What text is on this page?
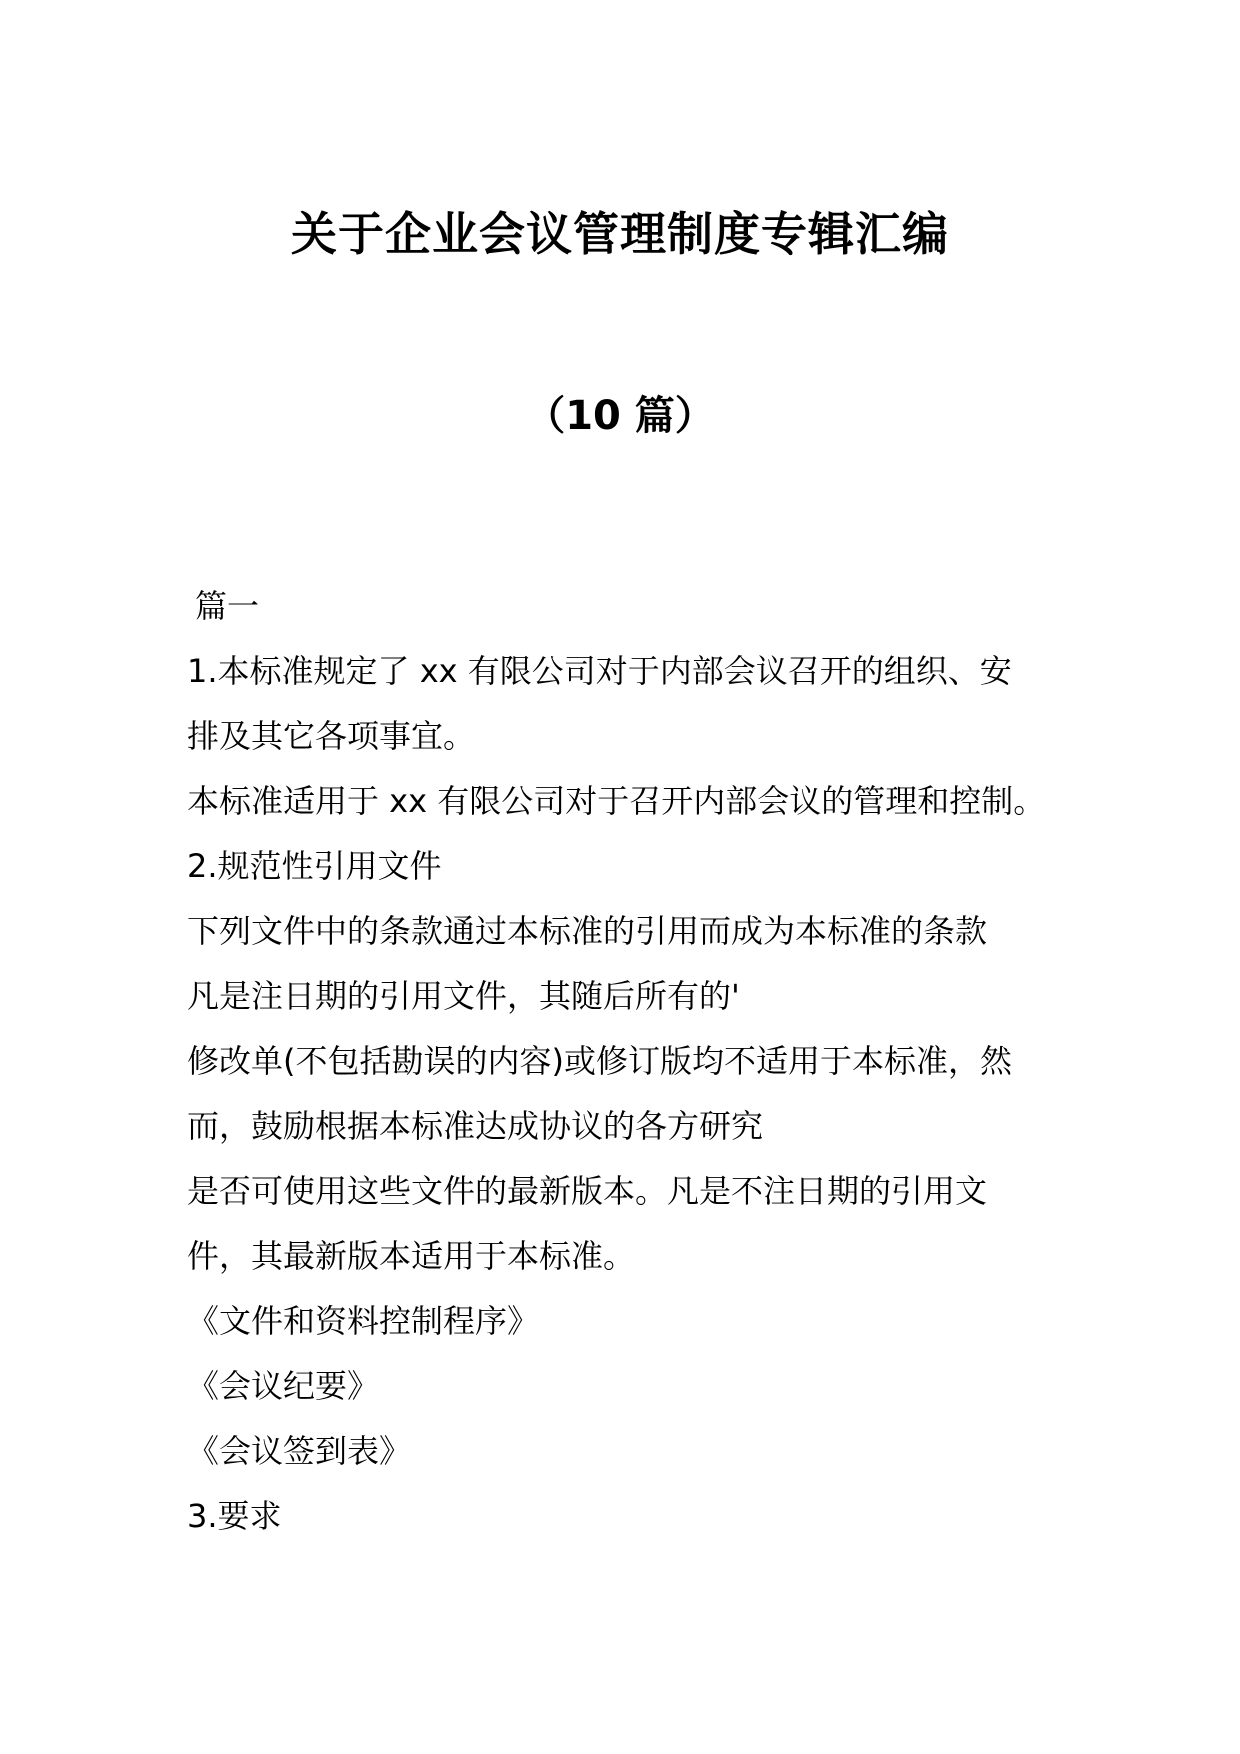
关于企业会议管理制度专辑汇编
（10 篇）
篇一
1.本标准规定了 xx 有限公司对于内部会议召开的组织、安
排及其它各项事宜。
本标准适用于 xx 有限公司对于召开内部会议的管理和控制。
2.规范性引用文件
下列文件中的条款通过本标准的引用而成为本标准的条款
凡是注日期的引用文件，其随后所有的'
修改单(不包括勘误的内容)或修订版均不适用于本标准，然
而，鼓励根据本标准达成协议的各方研究
是否可使用这些文件的最新版本。凡是不注日期的引用文
件，其最新版本适用于本标准。
《文件和资料控制程序》
《会议纪要》
《会议签到表》
3.要求
